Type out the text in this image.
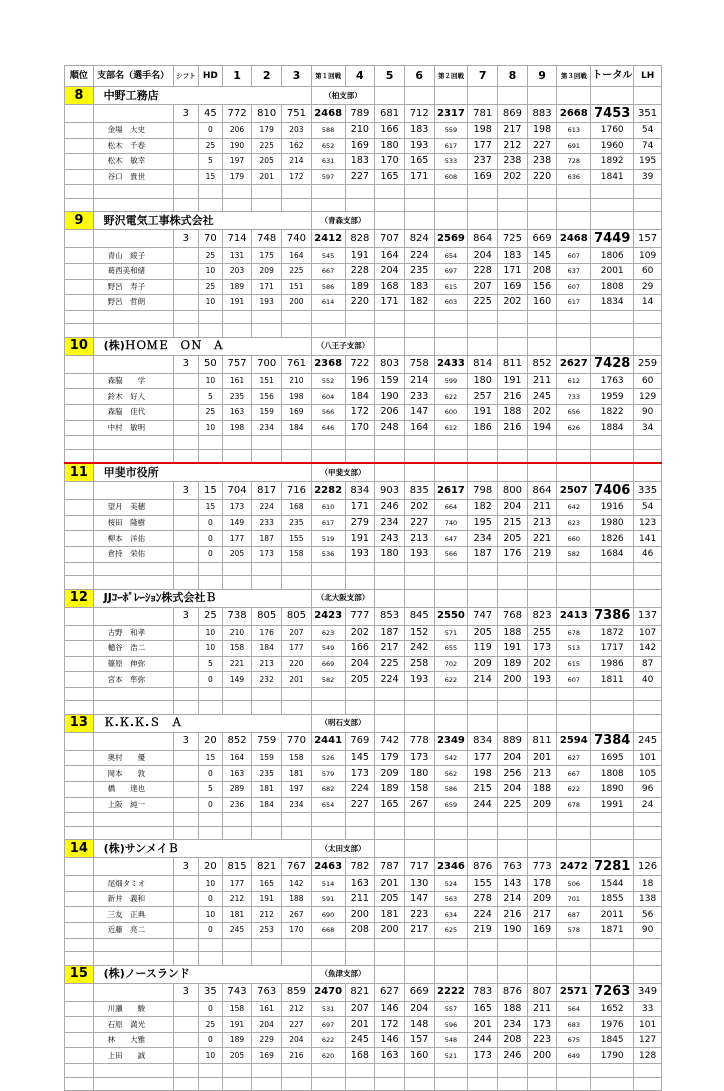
順位	支部名（選手名）	シフト	HD	1	2	3	第１回戦	4	5	6	第２回戦	7	8	9	第３回戦	トータル	LH
8	中野工務店						（柏支部）										
		3	45	772	810	751	2468	789	681	712	2317	781	869	883	2668	7453	351
	金場　大史		0	206	179	203	588	210	166	183	559	198	217	198	613	1760	54
	松木　千春		25	190	225	162	652	169	180	193	617	177	212	227	691	1960	74
	松木　敏幸		5	197	205	214	631	183	170	165	533	237	238	238	728	1892	195
	谷口　貴世		15	179	201	172	597	227	165	171	608	169	202	220	636	1841	39

9	野沢電気工事株式会社						（青森支部）										
		3	70	714	748	740	2412	828	707	824	2569	864	725	669	2468	7449	157
	青山　綾子		25	131	175	164	545	191	164	224	654	204	183	145	607	1806	109
	葛西美和緒		10	203	209	225	667	228	204	235	697	228	171	208	637	2001	60
	野呂　寿子		25	189	171	151	586	189	168	183	615	207	169	156	607	1808	29
	野呂　哲朗		10	191	193	200	614	220	171	182	603	225	202	160	617	1834	14

10	(株)ＨＯＭＥ　ＯＮ　Ａ						（八王子支部）										
		3	50	757	700	761	2368	722	803	758	2433	814	811	852	2627	7428	259
	森脇　　学		10	161	151	210	552	196	159	214	599	180	191	211	612	1763	60
	鈴木　好人		5	235	156	198	604	184	190	233	622	257	216	245	733	1959	129
	森脇　佳代		25	163	159	169	566	172	206	147	600	191	188	202	656	1822	90
	中村　敏明		10	198	234	184	646	170	248	164	612	186	216	194	626	1884	34

11	甲斐市役所						（甲斐支部）										
		3	15	704	817	716	2282	834	903	835	2617	798	800	864	2507	7406	335
	望月　美穂		15	173	224	168	610	171	246	202	664	182	204	211	642	1916	54
	桜田　隆樹		0	149	233	235	617	279	234	227	740	195	215	213	623	1980	123
	柳本　洋佑		0	177	187	155	519	191	243	213	647	234	205	221	660	1826	141
	倉持　栄佑		0	205	173	158	536	193	180	193	566	187	176	219	582	1684	46

12	JJｺｰﾎﾟﾚｰｼｮﾝ株式会社Ｂ						（北大阪支部）										
		3	25	738	805	805	2423	777	853	845	2550	747	768	823	2413	7386	137
	古野　和孝		10	210	176	207	623	202	187	152	571	205	188	255	678	1872	107
	樋谷　浩二		10	158	184	177	549	166	217	242	655	119	191	173	513	1717	142
	篠原　伸弥		5	221	213	220	669	204	225	258	702	209	189	202	615	1986	87
	宮本　隼弥		0	149	232	201	582	205	224	193	622	214	200	193	607	1811	40

13	Ｋ.Ｋ.Ｋ.Ｓ　Ａ						（明石支部）										
		3	20	852	759	770	2441	769	742	778	2349	834	889	811	2594	7384	245
	奥村　　優		15	164	159	158	526	145	179	173	542	177	204	201	627	1695	101
	岡本　　敦		0	163	235	181	579	173	209	180	562	198	256	213	667	1808	105
	橋　　達也		5	289	181	197	682	224	189	158	586	215	204	188	622	1890	96
	上阪　純一		0	236	184	234	654	227	165	267	659	244	225	209	678	1991	24

14	(株)サンメイＢ						（太田支部）										
		3	20	815	821	767	2463	782	787	717	2346	876	763	773	2472	7281	126
	尾畑タミオ		10	177	165	142	514	163	201	130	524	155	143	178	506	1544	18
	新井　義和		0	212	191	188	591	211	205	147	563	278	214	209	701	1855	138
	三友　正典		10	181	212	267	690	200	181	223	634	224	216	217	687	2011	56
	近藤　亮二		0	245	253	170	668	208	200	217	625	219	190	169	578	1871	90

15	(株)ノースランド						（魚津支部）										
		3	35	743	763	859	2470	821	627	669	2222	783	876	807	2571	7263	349
	川瀬　　駿		0	158	161	212	531	207	146	204	557	165	188	211	564	1652	33
	石原　満光		25	191	204	227	697	201	172	148	596	201	234	173	683	1976	101
	林　　大雅		0	189	229	204	622	245	146	157	548	244	208	223	675	1845	127
	上田　　誠		10	205	169	216	620	168	163	160	521	173	246	200	649	1790	128
